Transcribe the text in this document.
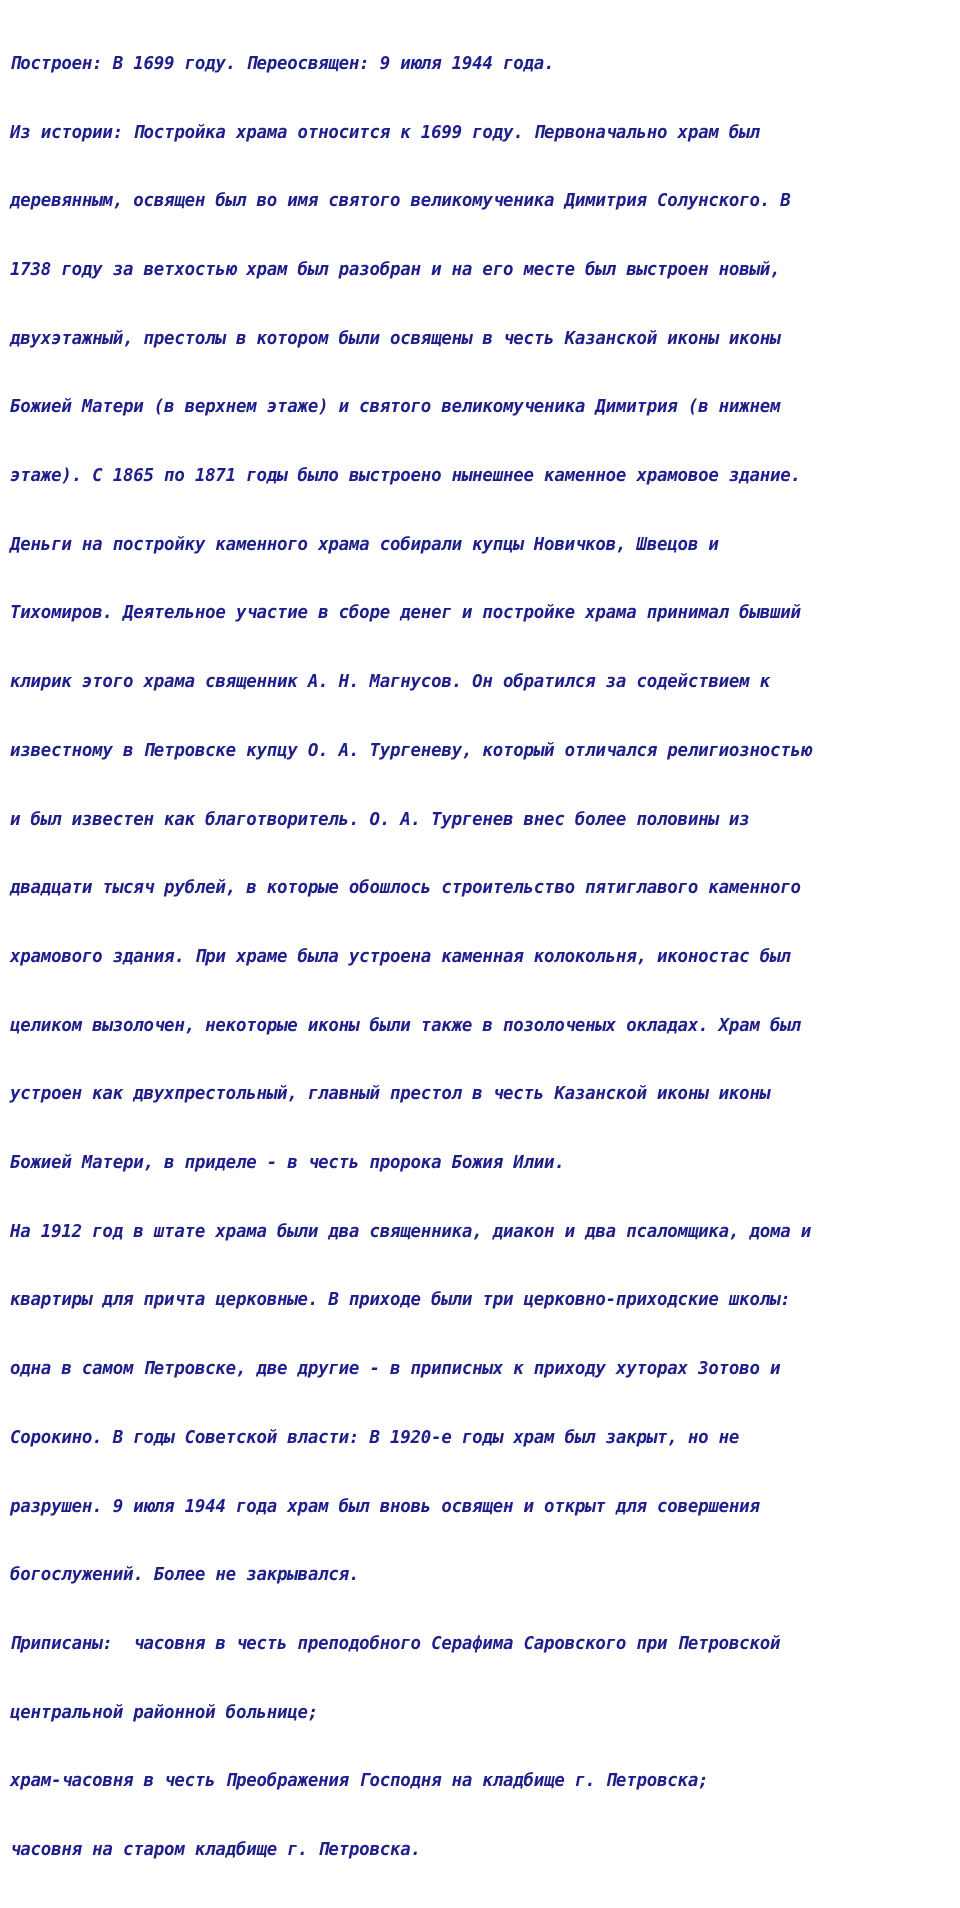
Построен: В 1699 году. Переосвящен: 9 июля 1944 года.

Из истории: Постройка храма относится к 1699 году. Первоначально храм был

деревянным, освящен был во имя святого великомученика Димитрия Солунского. В

1738 году за ветхостью храм был разобран и на его месте был выстроен новый,

двухэтажный, престолы в котором были освящены в честь Казанской иконы иконы

Божией Матери (в верхнем этаже) и святого великомученика Димитрия (в нижнем

этаже). С 1865 по 1871 годы было выстроено нынешнее каменное храмовое здание.

Деньги на постройку каменного храма собирали купцы Новичков, Швецов и

Тихомиров. Деятельное участие в сборе денег и постройке храма принимал бывший

клирик этого храма священник А. Н. Магнусов. Он обратился за содействием к

известному в Петровске купцу О. А. Тургеневу, который отличался религиозностью

и был известен как благотворитель. О. А. Тургенев внес более половины из

двадцати тысяч рублей, в которые обошлось строительство пятиглавого каменного

храмового здания. При храме была устроена каменная колокольня, иконостас был

целиком вызолочен, некоторые иконы были также в позолоченых окладах. Храм был

устроен как двухпрестольный, главный престол в честь Казанской иконы иконы

Божией Матери, в приделе - в честь пророка Божия Илии.

На 1912 год в штате храма были два священника, диакон и два псаломщика, дома и

квартиры для причта церковные. В приходе были три церковно-приходские школы:

одна в самом Петровске, две другие - в приписных к приходу хуторах Зотово и

Сорокино. В годы Советской власти: В 1920-е годы храм был закрыт, но не

разрушен. 9 июля 1944 года храм был вновь освящен и открыт для совершения

богослужений. Более не закрывался.

Приписаны:  часовня в честь преподобного Серафима Саровского при Петровской

центральной районной больнице;

храм-часовня в честь Преображения Господня на кладбище г. Петровска;

часовня на старом кладбище г. Петровска.
